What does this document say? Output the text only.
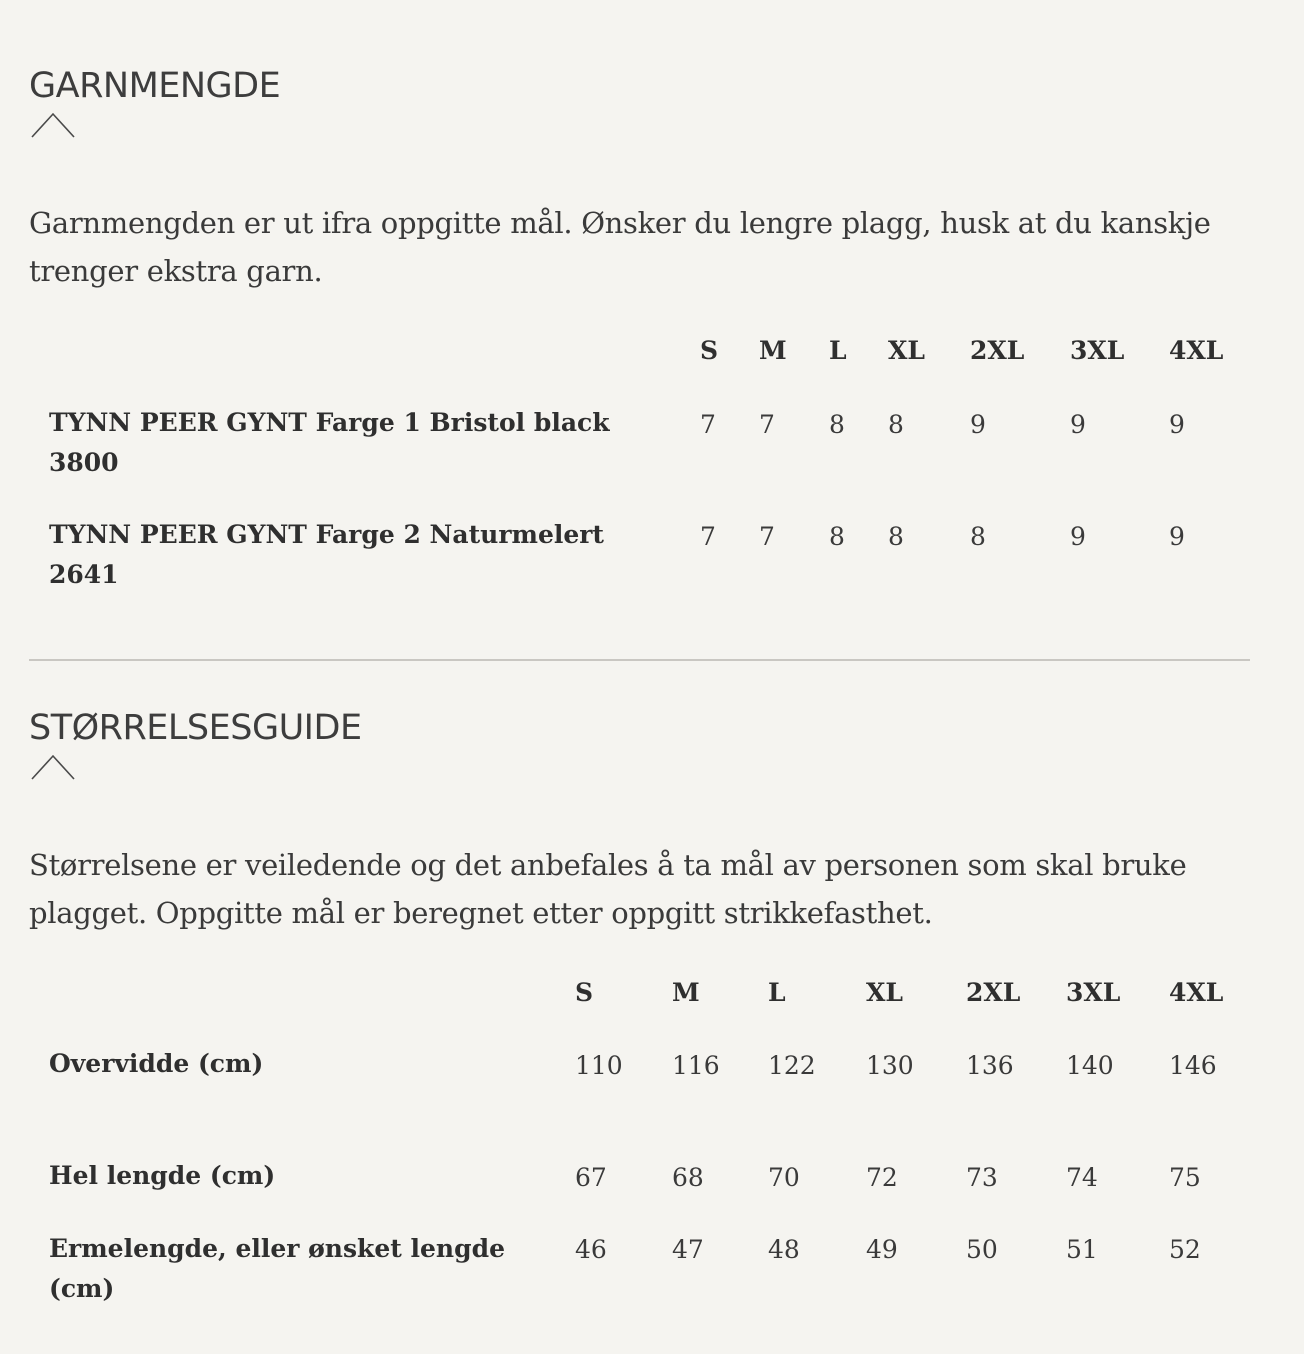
GARNMENGDE

Garnmengden er ut ifra oppgitte mål. Ønsker du lengre plagg, husk at du kanskje trenger ekstra garn.

S M L XL 2XL 3XL 4XL
TYNN PEER GYNT Farge 1 Bristol black 3800
7 7 8 8	9	9	9
TYNN PEER GYNT Farge 2 Naturmelert 2641
7 7 8 8	8	9	9
STØRRELSESGUIDE

Størrelsene er veiledende og det anbefales å ta mål av personen som skal bruke plagget. Oppgitte mål er beregnet etter oppgitt strikkefasthet.

S	M	L	XL	2XL 3XL 4XL
Overvidde (cm)	110 116 122 130 136 140 146
Hel lengde (cm)	67	68	70	72	73	74	75
Ermelengde, eller ønsket lengde (cm)
46	47	48	49	50	51	52
